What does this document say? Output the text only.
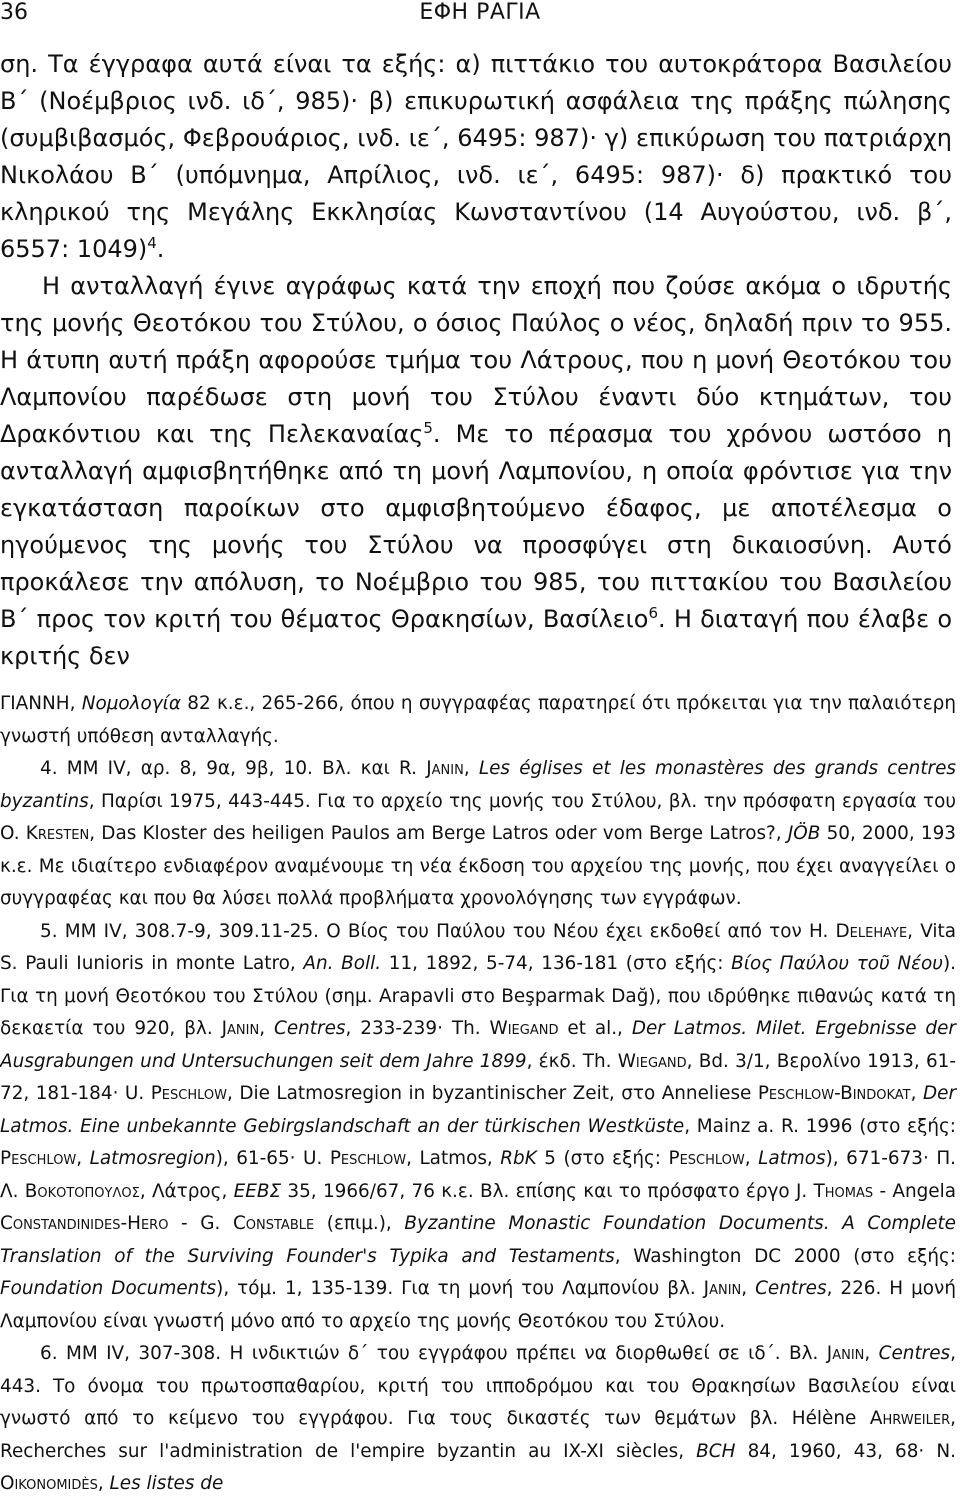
36	ΕΦΗ ΡΑΓΙΑ

ση. Τα έγγραφα αυτά είναι τα εξής: α) πιττάκιο του αυτοκράτορα Βασιλείου Β΄ (Νοέμβριος ινδ. ιδ΄, 985)· β) επικυρωτική ασφάλεια της πράξης πώλησης (συμβιβασμός, Φεβρουάριος, ινδ. ιε΄, 6495: 987)· γ) επικύρωση του πατριάρχη Νικολάου Β΄ (υπόμνημα, Απρίλιος, ινδ. ιε΄, 6495: 987)· δ) πρακτικό του κληρικού της Μεγάλης Εκκλησίας Κωνσταντίνου (14 Αυγούστου, ινδ. β΄, 6557: 1049)$^4$.

Η ανταλλαγή έγινε αγράφως κατά την εποχή που ζούσε ακόμα ο ιδρυτής της μονής Θεοτόκου του Στύλου, ο όσιος Παύλος ο νέος, δηλαδή πριν το 955. Η άτυπη αυτή πράξη αφορούσε τμήμα του Λάτρους, που η μονή Θεοτόκου του Λαμπονίου παρέδωσε στη μονή του Στύλου έναντι δύο κτημάτων, του Δρακόντιου και της Πελεκαναίας$^5$. Με το πέρασμα του χρόνου ωστόσο η ανταλλαγή αμφισβητήθηκε από τη μονή Λαμπονίου, η οποία φρόντισε για την εγκατάσταση παροίκων στο αμφισβητούμενο έδαφος, με αποτέλεσμα ο ηγούμενος της μονής του Στύλου να προσφύγει στη δικαιοσύνη. Αυτό προκάλεσε την απόλυση, το Νοέμβριο του 985, του πιττακίου του Βασιλείου Β΄ προς τον κριτή του θέματος Θρακησίων, Βασίλειο$^6$. Η διαταγή που έλαβε ο κριτής δεν

ΓΙΑΝΝΗ, Νομολογία 82 κ.ε., 265-266, όπου η συγγραφέας παρατηρεί ότι πρόκειται για την παλαιότερη γνωστή υπόθεση ανταλλαγής.

4. ΜΜ IV, αρ. 8, 9α, 9β, 10. Βλ. και R. Janin, Les églises et les monastères des grands centres byzantins, Παρίσι 1975, 443-445. Για το αρχείο της μονής του Στύλου, βλ. την πρόσφατη εργασία του O. Kresten, Das Kloster des heiligen Paulos am Berge Latros oder vom Berge Latros?, JÖB 50, 2000, 193 κ.ε. Με ιδιαίτερο ενδιαφέρον αναμένουμε τη νέα έκδοση του αρχείου της μονής, που έχει αναγγείλει ο συγγραφέας και που θα λύσει πολλά προβλήματα χρονολόγησης των εγγράφων.

5. ΜΜ IV, 308.7-9, 309.11-25. Ο Βίος του Παύλου του Νέου έχει εκδοθεί από τον H. Delehaye, Vita S. Pauli Iunioris in monte Latro, An. Boll. 11, 1892, 5-74, 136-181 (στο εξής: Βίος Παύλου τοῦ Νέου). Για τη μονή Θεοτόκου του Στύλου (σημ. Arapavli στο Beşparmak Dağ), που ιδρύθηκε πιθανώς κατά τη δεκαετία του 920, βλ. Janin, Centres, 233-239· Th. Wiegand et al., Der Latmos. Milet. Ergebnisse der Ausgrabungen und Untersuchungen seit dem Jahre 1899, έκδ. Th. Wiegand, Bd. 3/1, Βερολίνο 1913, 61-72, 181-184· U. Peschlow, Die Latmosregion in byzantinischer Zeit, στο Anneliese Peschlow-Bindokat, Der Latmos. Eine unbekannte Gebirgslandschaft an der türkischen Westküste, Mainz a. R. 1996 (στο εξής: Peschlow, Latmosregion), 61-65· U. Peschlow, Latmos, RbK 5 (στο εξής: Peschlow, Latmos), 671-673· Π. Λ. Βοκοτοπουλος, Λάτρος, ΕΕΒΣ 35, 1966/67, 76 κ.ε. Βλ. επίσης και το πρόσφατο έργο J. Thomas - Angela Constandinides-Hero - G. Constable (επιμ.), Byzantine Monastic Foundation Documents. A Complete Translation of the Surviving Founder's Typika and Testaments, Washington DC 2000 (στο εξής: Foundation Documents), τόμ. 1, 135-139. Για τη μονή του Λαμπονίου βλ. Janin, Centres, 226. Η μονή Λαμπονίου είναι γνωστή μόνο από το αρχείο της μονής Θεοτόκου του Στύλου.

6. ΜΜ IV, 307-308. Η ινδικτιών δ΄ του εγγράφου πρέπει να διορθωθεί σε ιδ΄. Βλ. Janin, Centres, 443. Το όνομα του πρωτοσπαθαρίου, κριτή του ιπποδρόμου και του Θρακησίων Βασιλείου είναι γνωστό από το κείμενο του εγγράφου. Για τους δικαστές των θεμάτων βλ. Hélène Ahrweiler, Recherches sur l'administration de l'empire byzantin au IX-XI siècles, BCH 84, 1960, 43, 68· N. Oikonomidès, Les listes de
